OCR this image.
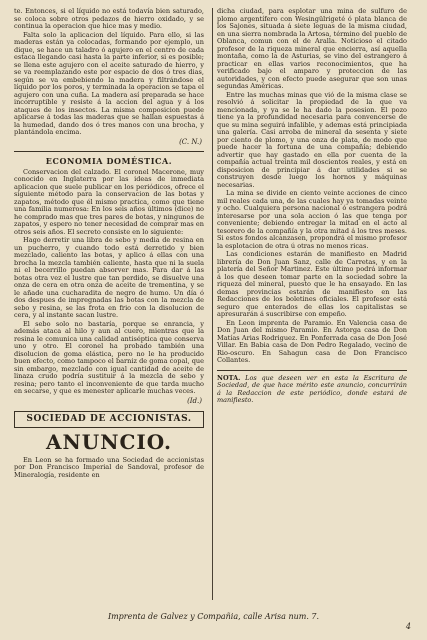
te. Entonces, si el líquido no está todavía bien saturado, se coloca sobre otros pedazos de hierro oxidado, y se continua la operacion que hice mas y medio.

Falta solo la aplicacion del líquido. Para ello, si las maderas están ya colocadas, formando por ejemplo, un dique, se hace un taladro ó agujero en el centro de cada estaca llegando casi hasta la parte inferior, si es posible; se llena este agujero con el aceite saturado de hierro, y se va reemplazando este por espacio de dos ó tres dias, según se va embebiendo la madera y filtrándose el líquido por los poros, y terminada la operacion se tapa el agujero con una cuña. La madera así preparada se hace incorruptible y resiste á la accion del agua y á los ataques de los insectos. La misma composicion puede aplicarse á todas las maderas que se hallan espuestas á la humedad, dando dos ó tres manos con una brocha, y plantándola encima.

(C. N.)
ECONOMIA DOMÉSTICA.

Conservacion del calzado. El coronel Macerone, muy conocido en Inglaterra por las ideas de inmediata aplicacion que suele publicar en los periódicos, ofrece el siguiente método para la conservacion de las botas y zapatos, método que él mismo practica, como que tiene una familia numerosa: En los seis años últimos (dice) no he comprado mas que tres pares de botas, y ningunos de zapatos, y espero no tener necesidad de comprar mas en otros seis años. El secreto consiste en lo siguiente:

Hago derretir una libra de sebo y media de resina en un pucherro, y cuando todo está derretido y bien mezclado, caliento las botas, y aplico á ellas con una brocha la mezcla también caliente, hasta que ni la suela ni el becerrillo puedan absorver mas. Para dar á las botas otra vez el lustre que tan perdido, se disuelve una onza de cera en otra onza de aceite de trementina, y se le añade una cucharadita de negro de humo. Un día ó dos despues de impregnadas las botas con la mezcla de sebo y resina, se las frota en frio con la disolucion de cera, y al instante sacan lustre.

El sebo solo no bastaría, porque se enrancia, y además ataca al hilo y aun al cuero, mientras que la resina le comunica una calidad antiséptica que conserva uno y otro. El coronel ha probado también una disolucion de goma elástica, pero no le ha producido buen efecto, como tampoco el barniz de goma copal, que sin embargo, mezclado con igual cantidad de aceite de linaza crudo podría sustituir á la mezcla de sebo y resina; pero tanto el inconveniente de que tarda mucho en secarse, y que es menester aplicarle muchas veces.

(Id.)
SOCIEDAD DE ACCIONISTAS.
ANUNCIO.

En Leon se ha formado una Sociedad de accionistas por Don Francisco Imperial de Sandoval, profesor de Mineralogía, residente en

dicha ciudad, para esplotar una mina de sulfuro de plomo argentífero con Wesingülrigeté ó plata blanca de los Sajones, situada á siete leguas de la misma ciudad, en una sierra nombrada la Artosa, término del pueblo de Oblanca, comun con el de Aralla. Noticioso el citado profesor de la riqueza mineral que encierra, así aquella montaña, como la de Asturias, se vino del estrangero á practicar en ellas varios reconocimientos, que ha verificado bajo el amparo y proteccion de las autoridades, y con efecto puede asegurar que son unas segundas Américas.

Entre las muchas minas que vió de la misma clase se resolvió á solicitar la propiedad de la que va mencionada, y ya se le ha dado la posesion. El pozo tiene ya la profundidad necesaria para convencerse de que su mina seguirá infalible, y ademas está principiada una galería. Casi arroba de mineral da sesenta y siete por ciento de plomo, y una onza de plata, de modo que puede hacer la fortuna de una compañía; debiendo advertir que hay gastado en ella por cuenta de la compañía actual treinta mil doscientos reales, y está en disposicion de principiar á dar utilidades si se construyen desde luego los hornos y máquinas necesarias.

La mina se divide en ciento veinte acciones de cinco mil reales cada una, de las cuales hay ya tomadas veinte y ocho. Cualquiera persona nacional ó estrangera podrá interesarse por una sola accion ó las que tenga por conveniente; debiendo entregar la mitad en el acto al tesorero de la compañía y la otra mitad á los tres meses. Si estos fondos alcanzasen, propondrá el mismo profesor la esplotacion de otra ú otras no menos ricas.

Las condiciones estarán de manifiesto en Madrid librería de Don Juan Sanz, calle de Carretas, y en la platería del Señor Martinez. Este último podrá informar á los que deseen tomar parte en la sociedad sobre la riqueza del mineral, puesto que le ha ensayado. En las demas provincias estarán de manifiesto en las Redacciones de los boletines oficiales. El profesor está seguro que enterados de ellas los capitalistas se apresurarán á suscribirse con empeño.

En Leon imprenta de Paramio. En Valencia casa de Don Juan del mismo Paramio. En Astorga casa de Don Matías Arias Rodriguez. En Ponferrada casa de Don José Villar. En Babia casa de Don Pedro Regalado, vecino de Rio-oscuro. En Sahagun casa de Don Francisco Collantes.

NOTA. Los que deseen ver en esta la Escritura de Sociedad, de que hace mérito este anuncio, concurrirán á la Redaccion de este periódico, donde estará de manifiesto.

Imprenta de Galvez y Compañia, calle Arisa num. 7.
4
